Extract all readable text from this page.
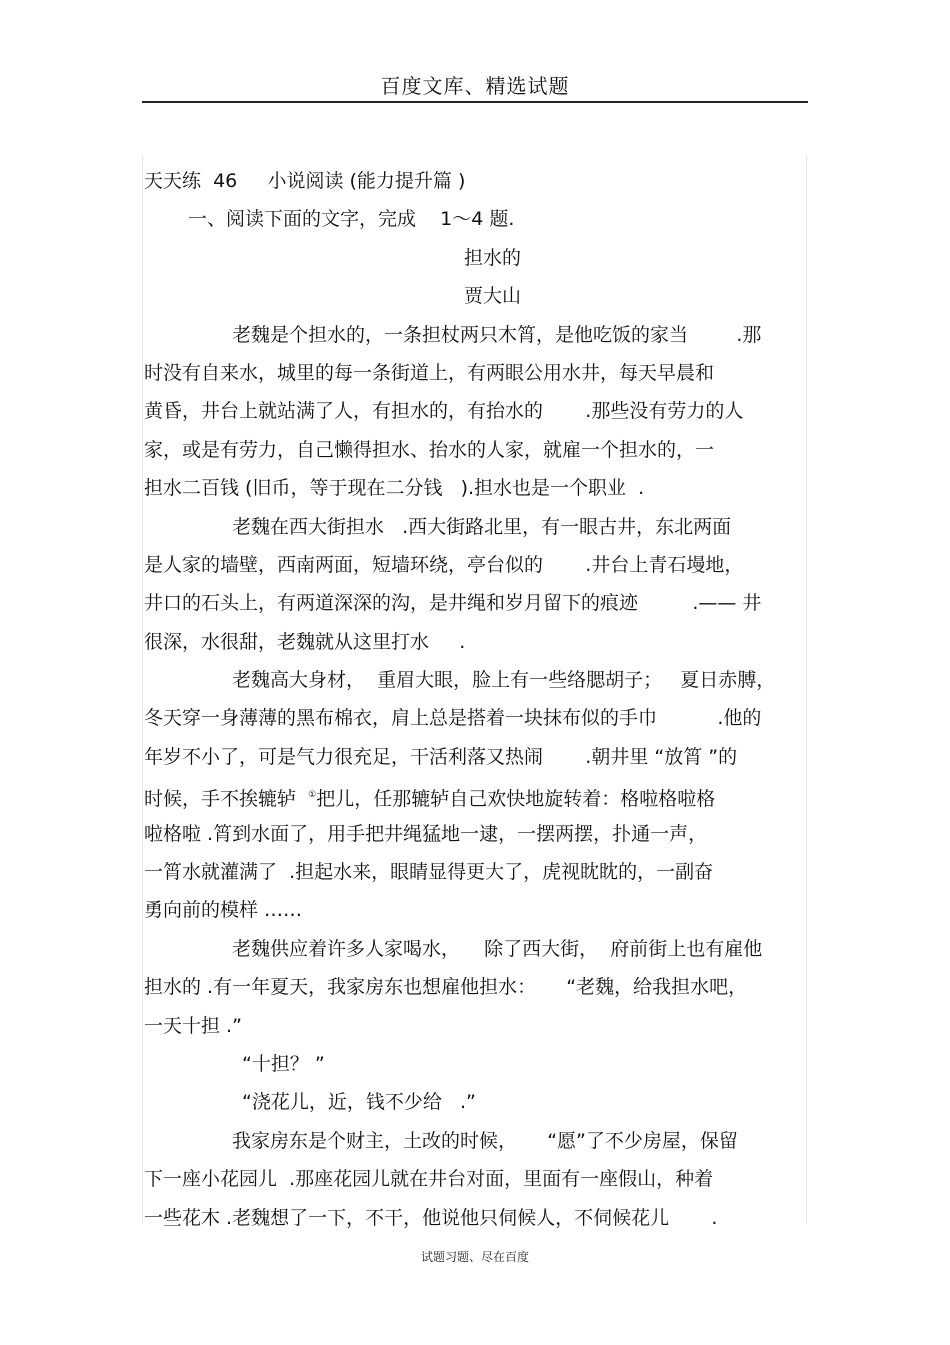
百度文库、精选试题
天天练  46     小说阅读 (能力提升篇 )
一、阅读下面的文字，完成    1～4 题.
担水的
贾大山
老魏是个担水的，一条担杖两只木筲，是他吃饭的家当        .那
时没有自来水，城里的每一条街道上，有两眼公用水井，每天早晨和
黄昏，井台上就站满了人，有担水的，有抬水的       .那些没有劳力的人
家，或是有劳力，自己懒得担水、抬水的人家，就雇一个担水的，一
担水二百钱 (旧币，等于现在二分钱   ).担水也是一个职业  .
老魏在西大街担水   .西大街路北里，有一眼古井，东北两面
是人家的墙壁，西南两面，短墙环绕，亭台似的       .井台上青石墁地，
井口的石头上，有两道深深的沟，是井绳和岁月留下的痕迹         .—— 井
很深，水很甜，老魏就从这里打水     .
老魏高大身材，  重眉大眼，脸上有一些络腮胡子；   夏日赤膊，
冬天穿一身薄薄的黑布棉衣，肩上总是搭着一块抹布似的手巾          .他的
年岁不小了，可是气力很充足，干活利落又热闹       .朝井里 “放筲 ”的
时候，手不挨辘轳 ①把儿，任那辘轳自己欢快地旋转着：格啦格啦格
啦格啦 .筲到水面了，用手把井绳猛地一逮，一摆两摆，扑通一声，
一筲水就灌满了  .担起水来，眼睛显得更大了，虎视眈眈的，一副奋
勇向前的模样 ……
老魏供应着许多人家喝水，    除了西大街，  府前街上也有雇他
担水的 .有一年夏天，我家房东也想雇他担水：     “老魏，给我担水吧，
一天十担 .”
“十担？ ”
“浇花儿，近，钱不少给   .”
我家房东是个财主，土改的时候，     “愿”了不少房屋，保留
下一座小花园儿  .那座花园儿就在井台对面，里面有一座假山，种着
一些花木 .老魏想了一下，不干，他说他只伺候人，不伺候花儿       .
试题习题、尽在百度
